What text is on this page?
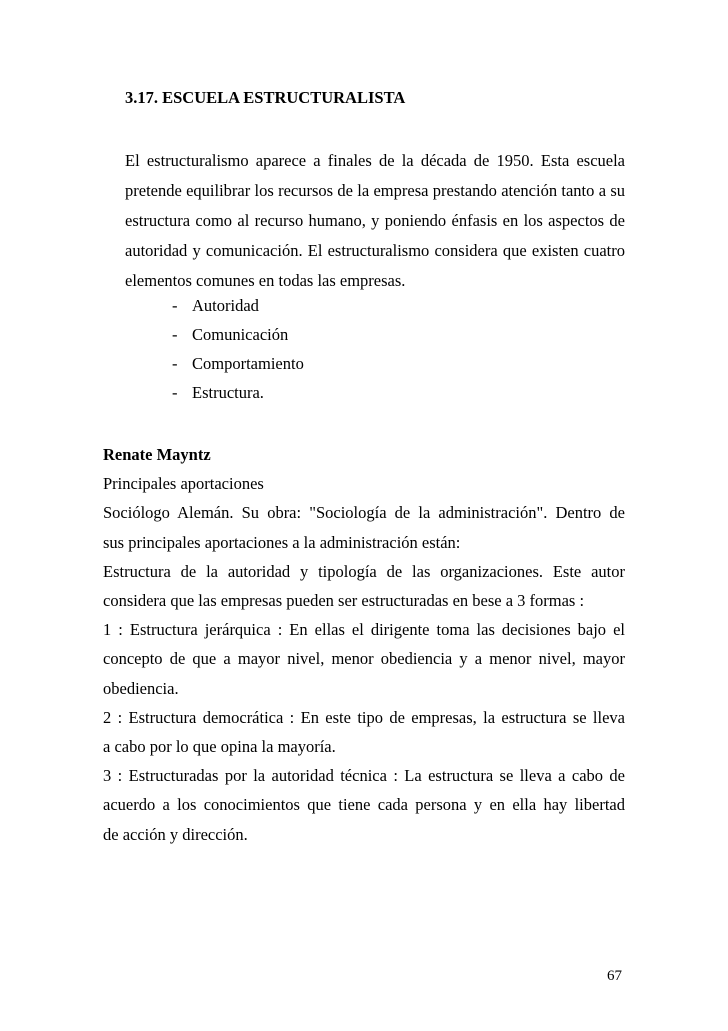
3.17. ESCUELA ESTRUCTURALISTA

El estructuralismo aparece a finales de la década de 1950. Esta escuela pretende equilibrar los recursos de la empresa prestando atención tanto a su estructura como al recurso humano, y poniendo énfasis en los aspectos de autoridad y comunicación. El estructuralismo considera que existen cuatro elementos comunes en todas las empresas.

- Autoridad
- Comunicación
- Comportamiento
- Estructura.

Renate Mayntz

Principales aportaciones

Sociólogo Alemán. Su obra: "Sociología de la administración". Dentro de

sus principales aportaciones a la administración están:

Estructura de la autoridad y tipología de las organizaciones. Este autor

considera que las empresas pueden ser estructuradas en bese a 3 formas :

1 : Estructura jerárquica : En ellas el dirigente toma las decisiones bajo el

concepto de que a mayor nivel, menor obediencia y a menor nivel, mayor

obediencia.

2 : Estructura democrática : En este tipo de empresas, la estructura se lleva

a cabo por lo que opina la mayoría.

3 : Estructuradas por la autoridad técnica : La estructura se lleva a cabo de

acuerdo a los conocimientos que tiene cada persona y en ella hay libertad

de acción y dirección.

67
